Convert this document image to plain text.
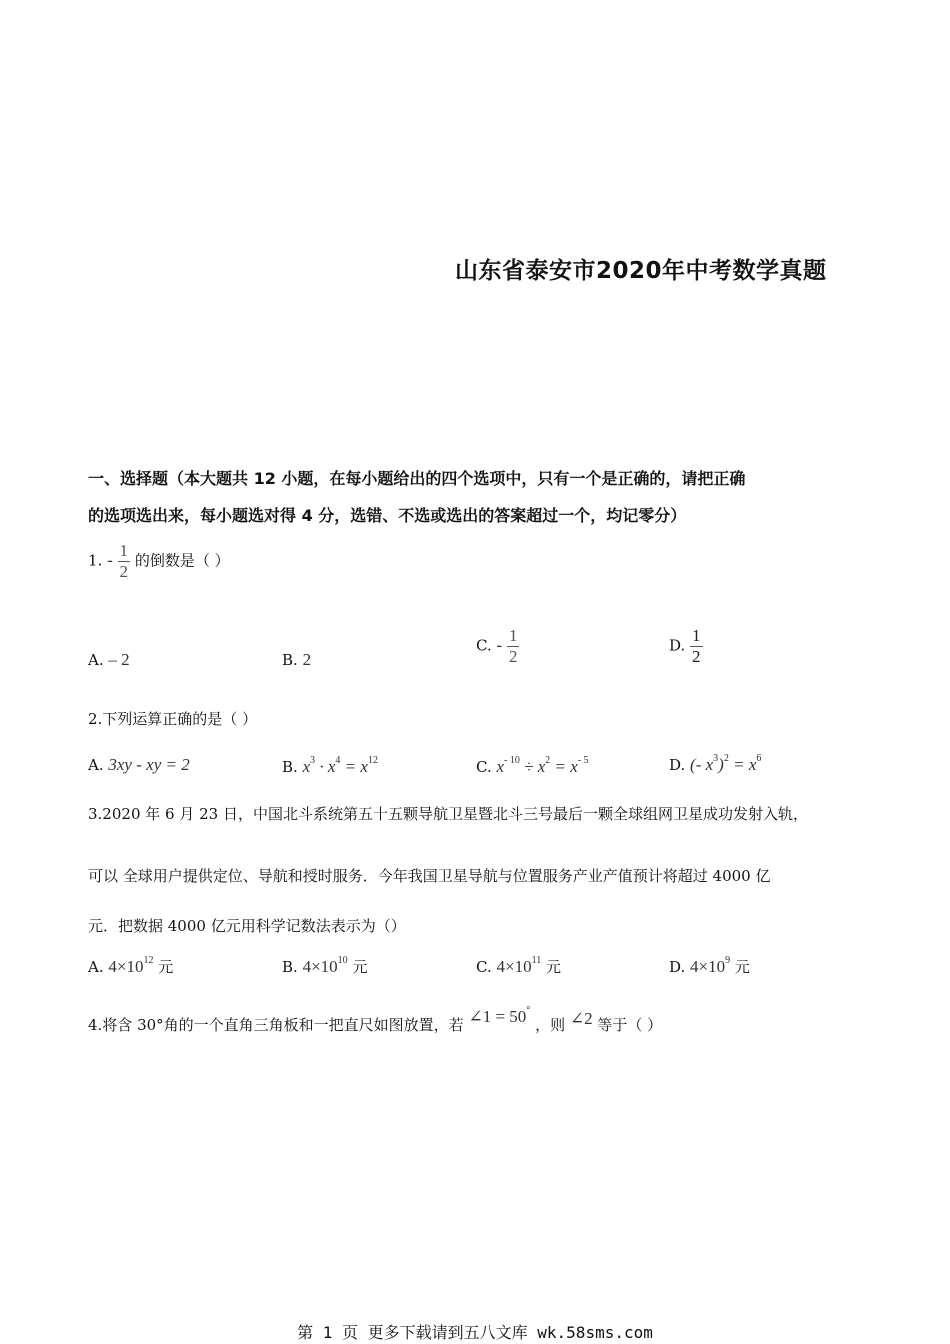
山东省泰安市2020年中考数学真题
一、选择题（本大题共 12 小题，在每小题给出的四个选项中，只有一个是正确的，请把正确
的选项选出来，每小题选对得 4 分，选错、不选或选出的答案超过一个，均记零分）
1. - $\frac{1}{2}$ 的倒数是（ ）
A. – 2	B. 2
C. - $\frac{1}{2}$	D. $\frac{1}{2}$
2.下列运算正确的是（ ）
A. 3xy - xy = 2	B. $x^3 \cdot x^4 = x^{12}$	C. $x^{- 10} \div x^2 = x^{- 5}$	D. (- $x^3)^2 = x^6$
3.2020 年 6 月 23 日，中国北斗系统第五十五颗导航卫星暨北斗三号最后一颗全球组网卫星成功发射入轨，
可以 全球用户提供定位、导航和授时服务．今年我国卫星导航与位置服务产业产值预计将超过 4000 亿
元．把数据 4000 亿元用科学记数法表示为（）
A. $4\times 10^{12}$ 元	B. $4\times 10^{10}$ 元	C. $4\times 10^{11}$ 元	D. $4\times 10^9$ 元
4.将含 30°角的一个直角三角板和一把直尺如图放置，若 ∠1 = 50° ，则 ∠2 等于（ ）
第 1 页 更多下载请到五八文库 wk.58sms.com
